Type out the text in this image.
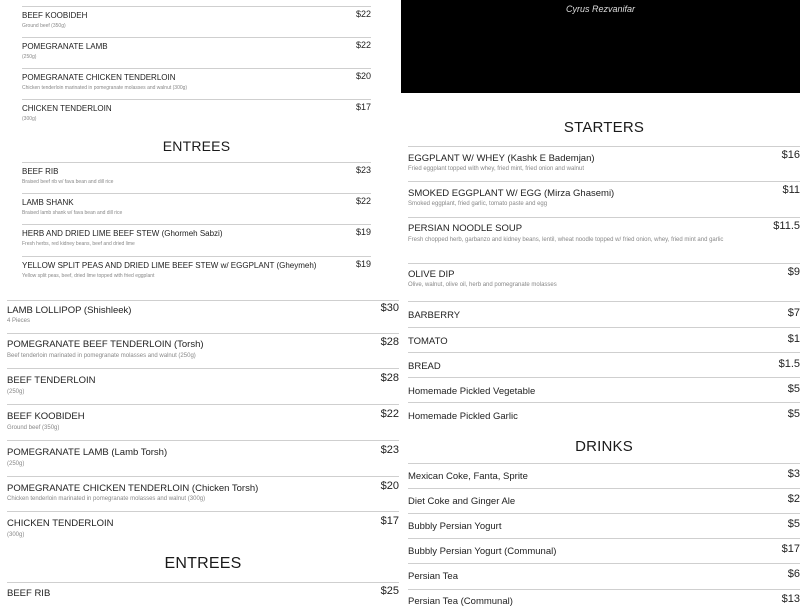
BEEF KOOBIDEH	$22
Ground beef (350g)
POMEGRANATE LAMB	$22
(250g)
POMEGRANATE CHICKEN TENDERLOIN	$20
Chicken tenderloin marinated in pomegranate molasses and walnut (300g)
CHICKEN TENDERLOIN	$17
(300g)
ENTREES
BEEF RIB	$23
Braised beef rib w/ fava bean and dill rice
LAMB SHANK	$22
Braised lamb shank w/ fava bean and dill rice
HERB AND DRIED LIME BEEF STEW (Ghormeh Sabzi)	$19
Fresh herbs, red kidney beans, beef and dried lime
YELLOW SPLIT PEAS AND DRIED LIME BEEF STEW w/ EGGPLANT (Gheymeh)	$19
Yellow split peas, beef, dried lime topped with fried eggplant
LAMB LOLLIPOP (Shishleek)	$30
4 Pieces
POMEGRANATE BEEF TENDERLOIN (Torsh)	$28
Beef tenderloin marinated in pomegranate molasses and walnut (250g)
BEEF TENDERLOIN	$28
(250g)
BEEF KOOBIDEH	$22
Ground beef (350g)
POMEGRANATE LAMB (Lamb Torsh)	$23
(250g)
POMEGRANATE CHICKEN TENDERLOIN (Chicken Torsh)	$20
Chicken tenderloin marinated in pomegranate molasses and walnut (300g)
CHICKEN TENDERLOIN	$17
(300g)
ENTREES
BEEF RIB	$25
Cyrus Rezvanifar
STARTERS
EGGPLANT W/ WHEY (Kashk E Bademjan)	$16
Fried eggplant topped with whey, fried mint, fried onion and walnut
SMOKED EGGPLANT W/ EGG (Mirza Ghasemi)	$11
Smoked eggplant, fried garlic, tomato paste and egg
PERSIAN NOODLE SOUP	$11.5
Fresh chopped herb, garbanzo and kidney beans, lentil, wheat noodle topped w/ fried onion, whey, fried mint and garlic
OLIVE DIP	$9
Olive, walnut, olive oil, herb and pomegranate molasses
BARBERRY	$7
TOMATO	$1
BREAD	$1.5
Homemade Pickled Vegetable	$5
Homemade Pickled Garlic	$5
DRINKS
Mexican Coke, Fanta, Sprite	$3
Diet Coke and Ginger Ale	$2
Bubbly Persian Yogurt	$5
Bubbly Persian Yogurt (Communal)	$17
Persian Tea	$6
Persian Tea (Communal)	$13
